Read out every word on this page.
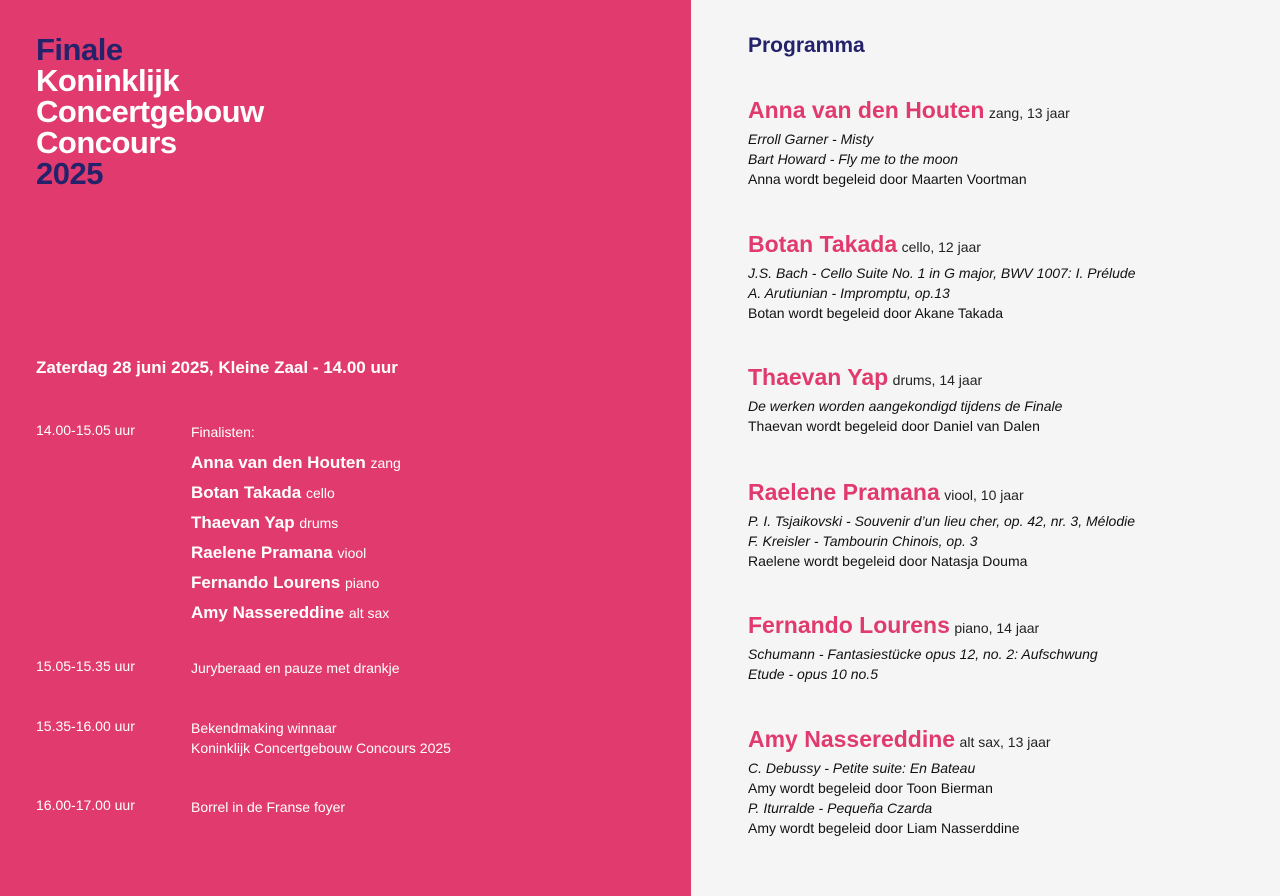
Finale
Koninklijk
Concertgebouw
Concours
2025
Zaterdag 28 juni 2025, Kleine Zaal - 14.00 uur
14.00-15.05 uur	Finalisten:
Anna van den Houten zang
Botan Takada cello
Thaevan Yap drums
Raelene Pramana viool
Fernando Lourens piano
Amy Nassereddine alt sax
15.05-15.35 uur	Juryberaad en pauze met drankje
15.35-16.00 uur	Bekendmaking winnaar
Koninklijk Concertgebouw Concours 2025
16.00-17.00 uur	Borrel in de Franse foyer
Programma
Anna van den Houten zang, 13 jaar
Erroll Garner - Misty
Bart Howard - Fly me to the moon
Anna wordt begeleid door Maarten Voortman
Botan Takada cello, 12 jaar
J.S. Bach - Cello Suite No. 1 in G major, BWV 1007: I. Prélude
A. Arutiunian - Impromptu, op.13
Botan wordt begeleid door Akane Takada
Thaevan Yap drums, 14 jaar
De werken worden aangekondigd tijdens de Finale
Thaevan wordt begeleid door Daniel van Dalen
Raelene Pramana viool, 10 jaar
P. I. Tsjaikovski - Souvenir d’un lieu cher, op. 42, nr. 3, Mélodie
F. Kreisler - Tambourin Chinois, op. 3
Raelene wordt begeleid door Natasja Douma
Fernando Lourens piano, 14 jaar
Schumann - Fantasiestücke opus 12, no. 2: Aufschwung
Etude - opus 10 no.5
Amy Nassereddine alt sax, 13 jaar
C. Debussy - Petite suite: En Bateau
Amy wordt begeleid door Toon Bierman
P. Iturralde - Pequeña Czarda
Amy wordt begeleid door Liam Nasserddine
